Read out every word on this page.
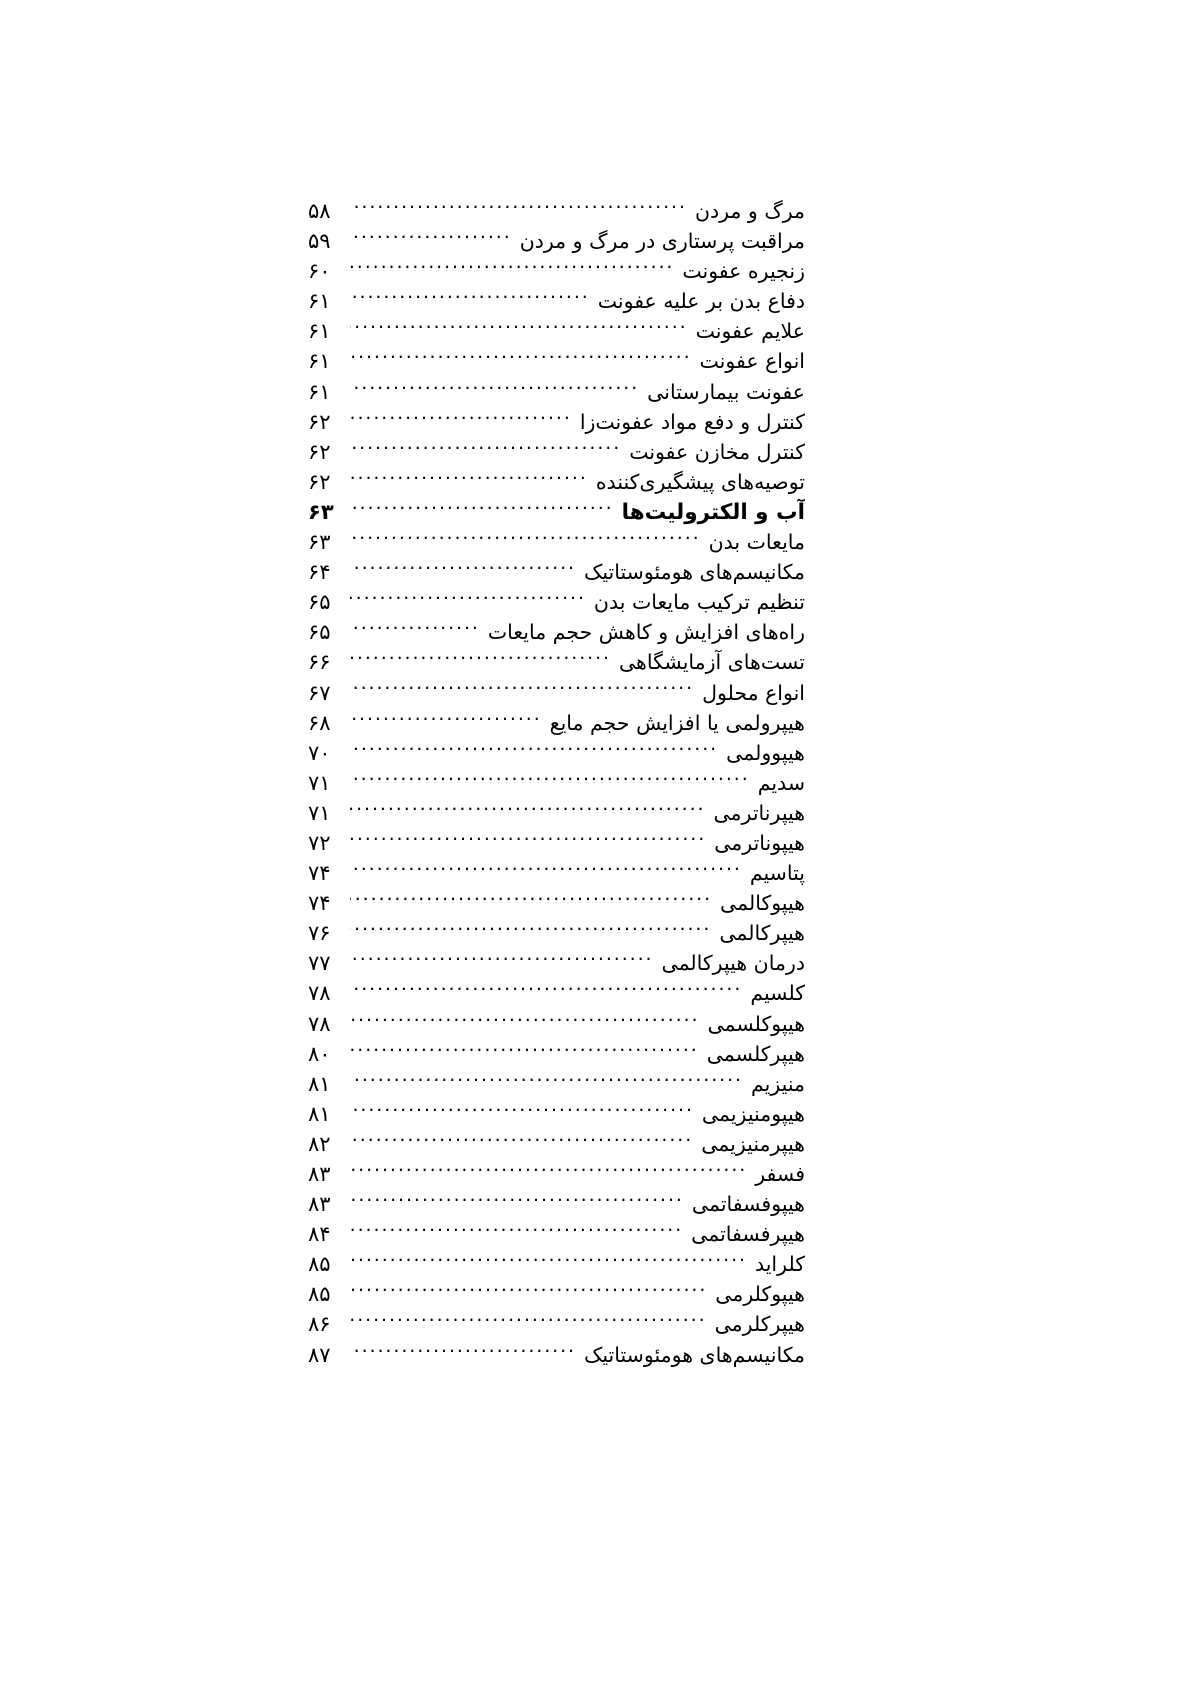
مرگ و مردن
.....
۵۸
مراقبت پرستاری در مرگ و مردن
.....
۵۹
زنجیره عفونت
.....
۶۰
دفاع بدن بر علیه عفونت
.....
۶۱
علایم عفونت
.....
۶۱
انواع عفونت
.....
۶۱
عفونت بیمارستانی
.....
۶۱
کنترل و دفع مواد عفونت‌زا
.....
۶۲
کنترل مخازن عفونت
.....
۶۲
توصیه‌های پیشگیری‌کننده
.....
۶۲
آب و الکترولیت‌ها
.....
۶۳
مایعات بدن
.....
۶۳
مکانیسم‌های هومئوستاتیک
.....
۶۴
تنظیم ترکیب مایعات بدن
.....
۶۵
راه‌های افزایش و کاهش حجم مایعات
.....
۶۵
تست‌های آزمایشگاهی
.....
۶۶
انواع محلول
.....
۶۷
هیپرولمی یا افزایش حجم مایع
.....
۶۸
هیپوولمی
.....
۷۰
سدیم
.....
۷۱
هیپرناترمی
.....
۷۱
هیپوناترمی
.....
۷۲
پتاسیم
.....
۷۴
هیپوکالمی
.....
۷۴
هیپرکالمی
.....
۷۶
درمان هیپرکالمی
.....
۷۷
کلسیم
.....
۷۸
هیپوکلسمی
.....
۷۸
هیپرکلسمی
.....
۸۰
منیزیم
.....
۸۱
هیپومنیزیمی
.....
۸۱
هیپرمنیزیمی
.....
۸۲
فسفر
.....
۸۳
هیپوفسفاتمی
.....
۸۳
هیپرفسفاتمی
.....
۸۴
کلراید
.....
۸۵
هیپوکلرمی
.....
۸۵
هیپرکلرمی
.....
۸۶
مکانیسم‌های هومئوستاتیک
.....
۸۷
